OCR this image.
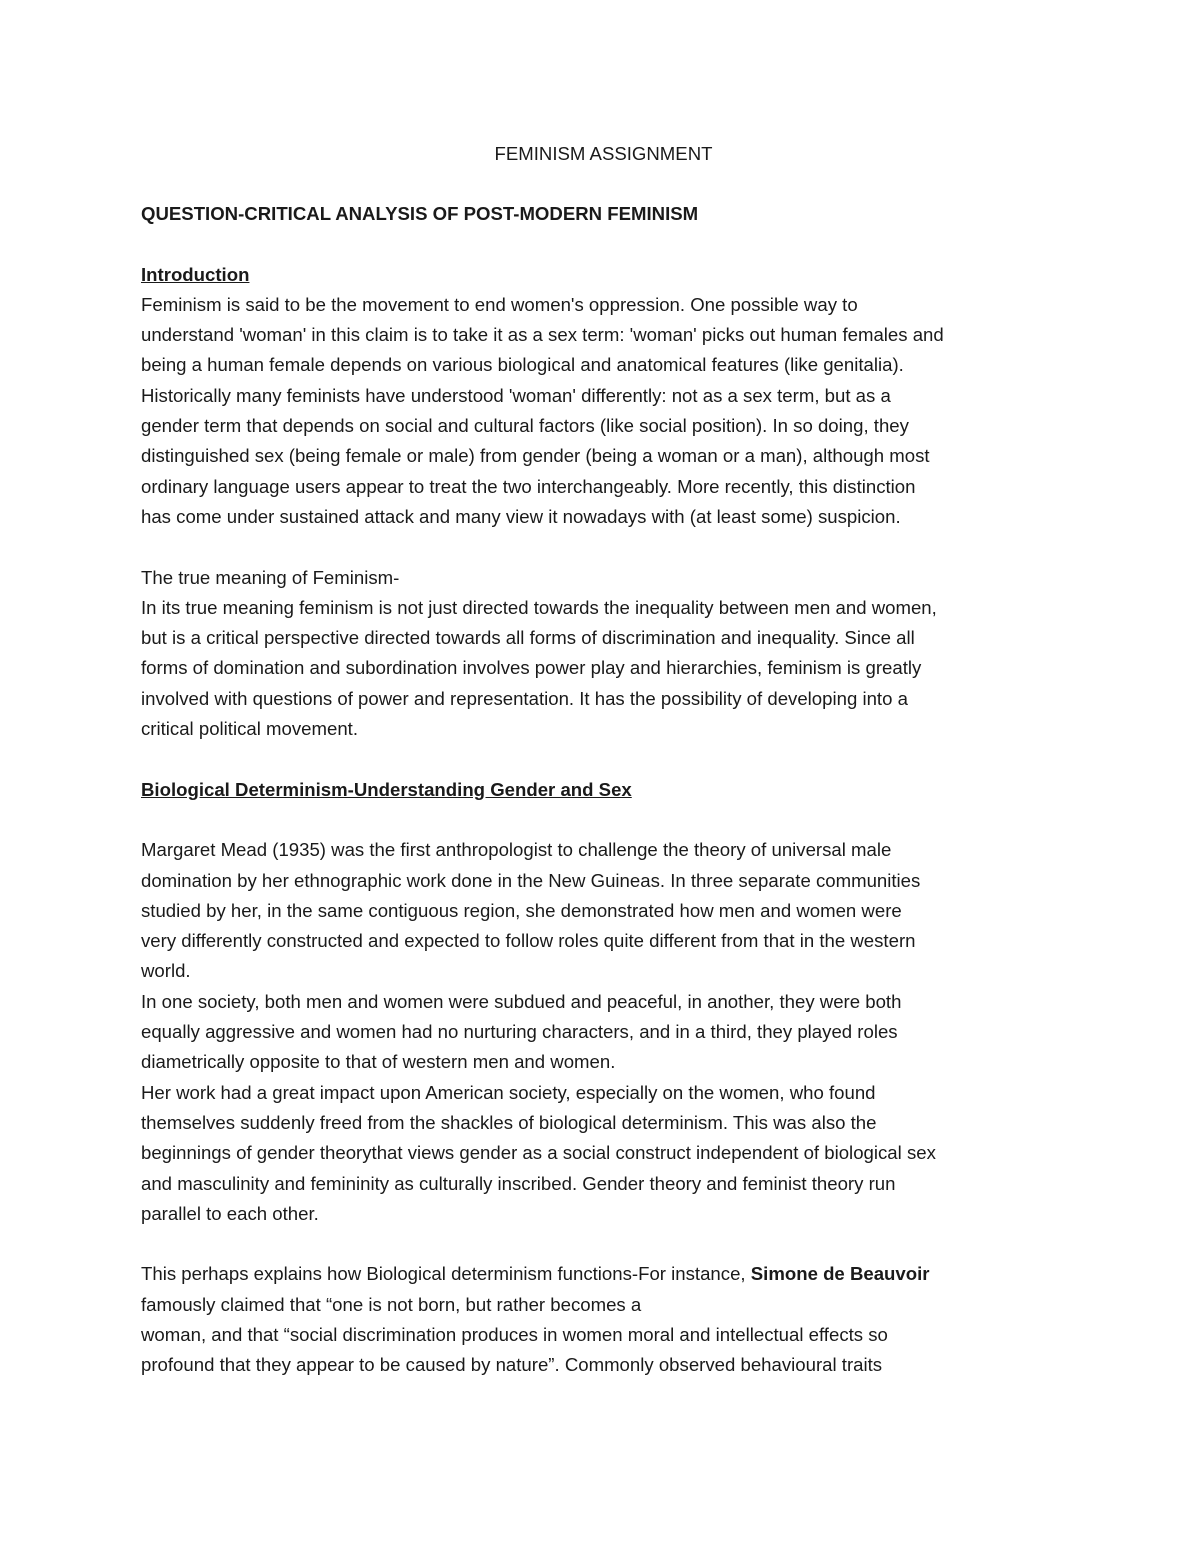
FEMINISM ASSIGNMENT
QUESTION-CRITICAL ANALYSIS OF POST-MODERN FEMINISM
Introduction

Feminism is said to be the movement to end women's oppression. One possible way to
understand 'woman' in this claim is to take it as a sex term: 'woman' picks out human females and
being a human female depends on various biological and anatomical features (like genitalia).
Historically many feminists have understood 'woman' differently: not as a sex term, but as a
gender term that depends on social and cultural factors (like social position). In so doing, they
distinguished sex (being female or male) from gender (being a woman or a man), although most
ordinary language users appear to treat the two interchangeably. More recently, this distinction
has come under sustained attack and many view it nowadays with (at least some) suspicion.

The true meaning of Feminism-

In its true meaning feminism is not just directed towards the inequality between men and women,
but is a critical perspective directed towards all forms of discrimination and inequality. Since all
forms of domination and subordination involves power play and hierarchies, feminism is greatly
involved with questions of power and representation. It has the possibility of developing into a
critical political movement.

Biological Determinism-Understanding Gender and Sex

Margaret Mead (1935) was the first anthropologist to challenge the theory of universal male
domination by her ethnographic work done in the New Guineas. In three separate communities
studied by her, in the same contiguous region, she demonstrated how men and women were
very differently constructed and expected to follow roles quite different from that in the western
world.

In one society, both men and women were subdued and peaceful, in another, they were both
equally aggressive and women had no nurturing characters, and in a third, they played roles
diametrically opposite to that of western men and women.

Her work had a great impact upon American society, especially on the women, who found
themselves suddenly freed from the shackles of biological determinism. This was also the
beginnings of gender theorythat views gender as a social construct independent of biological sex
and masculinity and femininity as culturally inscribed. Gender theory and feminist theory run
parallel to each other.

This perhaps explains how Biological determinism functions-For instance, Simone de Beauvoir
famously claimed that “one is not born, but rather becomes a
woman, and that “social discrimination produces in women moral and intellectual effects so
profound that they appear to be caused by nature”. Commonly observed behavioural traits
